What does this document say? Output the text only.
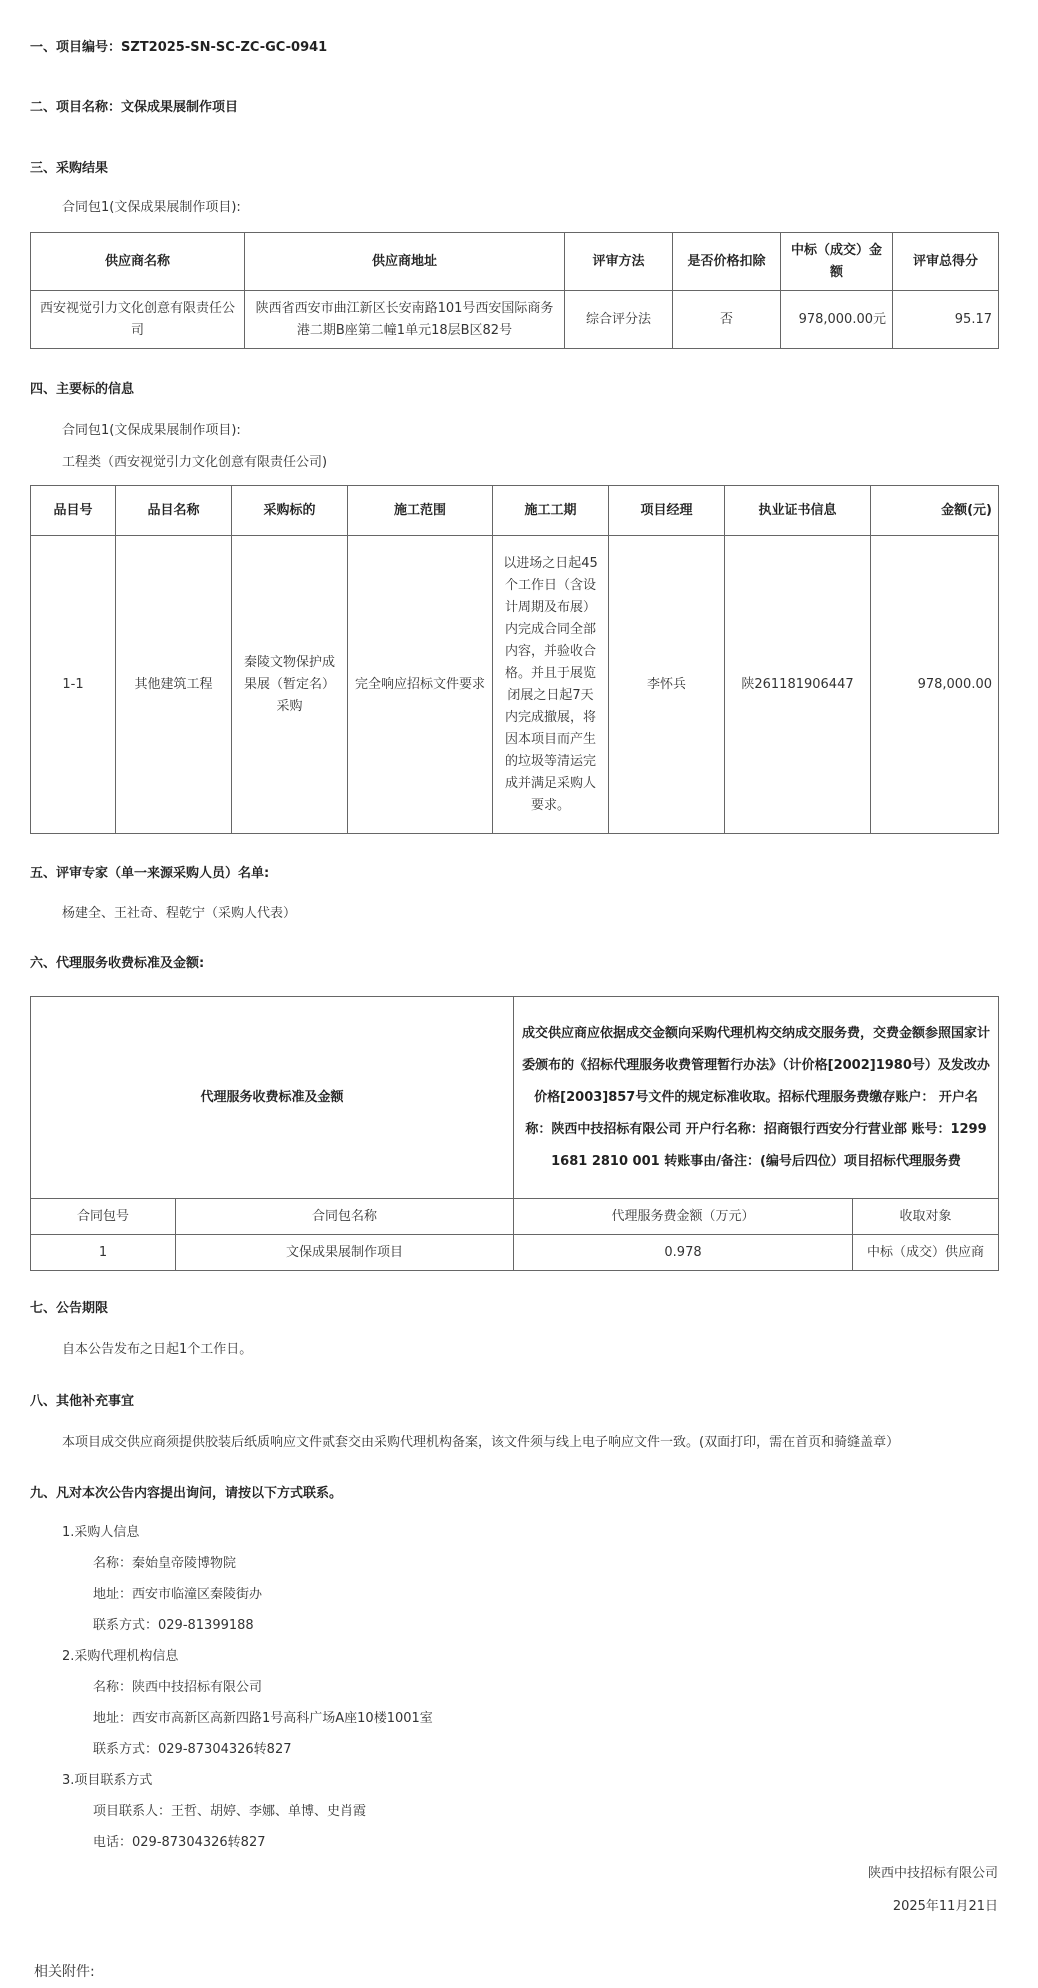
一、项目编号：SZT2025-SN-SC-ZC-GC-0941
二、项目名称：文保成果展制作项目
三、采购结果
合同包1(文保成果展制作项目):
供应商名称	供应商地址	评审方法	是否价格扣除	中标（成交）金额	评审总得分
西安视觉引力文化创意有限责任公司	陕西省西安市曲江新区长安南路101号西安国际商务港二期B座第二幢1单元18层B区82号	综合评分法	否	978,000.00元	95.17
四、主要标的信息
合同包1(文保成果展制作项目):
工程类（西安视觉引力文化创意有限责任公司)
品目号	品目名称	采购标的	施工范围	施工工期	项目经理	执业证书信息	金额(元)
1-1	其他建筑工程	秦陵文物保护成果展（暂定名）采购	完全响应招标文件要求	以进场之日起45个工作日（含设计周期及布展）内完成合同全部内容，并验收合格。并且于展览闭展之日起7天内完成撤展，将因本项目而产生的垃圾等清运完成并满足采购人要求。	李怀兵	陕261181906447	978,000.00
五、评审专家（单一来源采购人员）名单:
杨建全、王社奇、程乾宁（采购人代表）
六、代理服务收费标准及金额:
代理服务收费标准及金额		成交供应商应依据成交金额向采购代理机构交纳成交服务费，交费金额参照国家计委颁布的《招标代理服务收费管理暂行办法》（计价格[2002]1980号）及发改办价格[2003]857号文件的规定标准收取。招标代理服务费缴存账户： 开户名称：陕西中技招标有限公司 开户行名称：招商银行西安分行营业部 账号：1299 1681 2810 001 转账事由/备注：(编号后四位）项目招标代理服务费	
合同包号	合同包名称	代理服务费金额（万元）	收取对象
1	文保成果展制作项目	0.978	中标（成交）供应商
七、公告期限
自本公告发布之日起1个工作日。
八、其他补充事宜
本项目成交供应商须提供胶装后纸质响应文件贰套交由采购代理机构备案，该文件须与线上电子响应文件一致。(双面打印，需在首页和骑缝盖章）
九、凡对本次公告内容提出询问，请按以下方式联系。
1.采购人信息
名称：秦始皇帝陵博物院
地址：西安市临潼区秦陵街办
联系方式：029-81399188
2.采购代理机构信息
名称：陕西中技招标有限公司
地址：西安市高新区高新四路1号高科广场A座10楼1001室
联系方式：029-87304326转827
3.项目联系方式
项目联系人：王哲、胡婷、李娜、单博、史肖霞
电话：029-87304326转827
陕西中技招标有限公司
2025年11月21日
相关附件:
